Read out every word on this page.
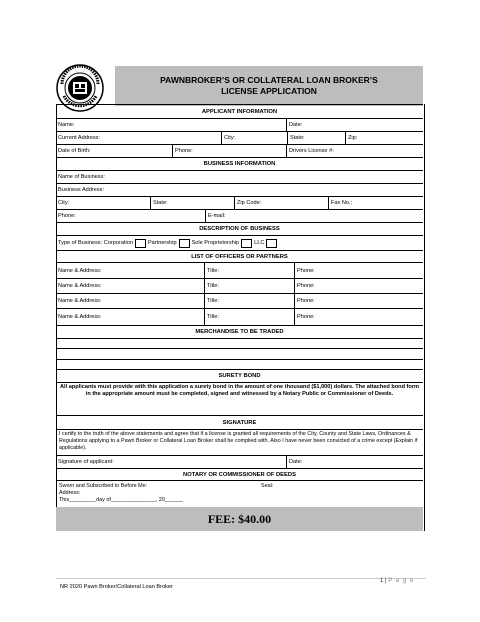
PAWNBROKER’S OR COLLATERAL LOAN BROKER’S
LICENSE APPLICATION
APPLICANT INFORMATION
Name:	Date:
Current Address:	City:	State:	Zip:
Date of Birth:	Phone:	Drivers License #:
BUSINESS INFORMATION
Name of Business:
Business Address:
City:	State:	Zip Code:	Fax No.:
Phone:	E-mail:
DESCRIPTION OF BUSINESS
Type of Business:
Corporation	Partnership	Sole Proprietorship	LLC
LIST OF OFFICERS OR PARTNERS
Name & Address:	Title:	Phone:
Name & Address:	Title:	Phone:
Name & Address:	Title:	Phone:
Name & Address:	Title:	Phone:
MERCHANDISE TO BE TRADED
SURETY BOND
All applicants must provide with this application a surety bond in the amount of one thousand ($1,000) dollars. The attached bond form in the appropriate amount must be completed, signed and witnessed by a Notary Public or Commissioner of Deeds.
SIGNATURE
I certify to the truth of the above statements and agree that if a license is granted all requirements of the City, County and State Laws, Ordinances & Regulations applying to a Pawn Broker or Collateral Loan Broker shall be complied with. Also I have never been convicted of a crime except (Explain if applicable).
Signature of applicant:	Date:
NOTARY OR COMMISSIONER OF DEEDS
Sworn and Subscribed to Before Me:
Address:
This_________day of_______________, 20______
Seal:
FEE: $40.00
1 | P a g e
NR 2020 Pawn Broker/Collateral Loan Broker
